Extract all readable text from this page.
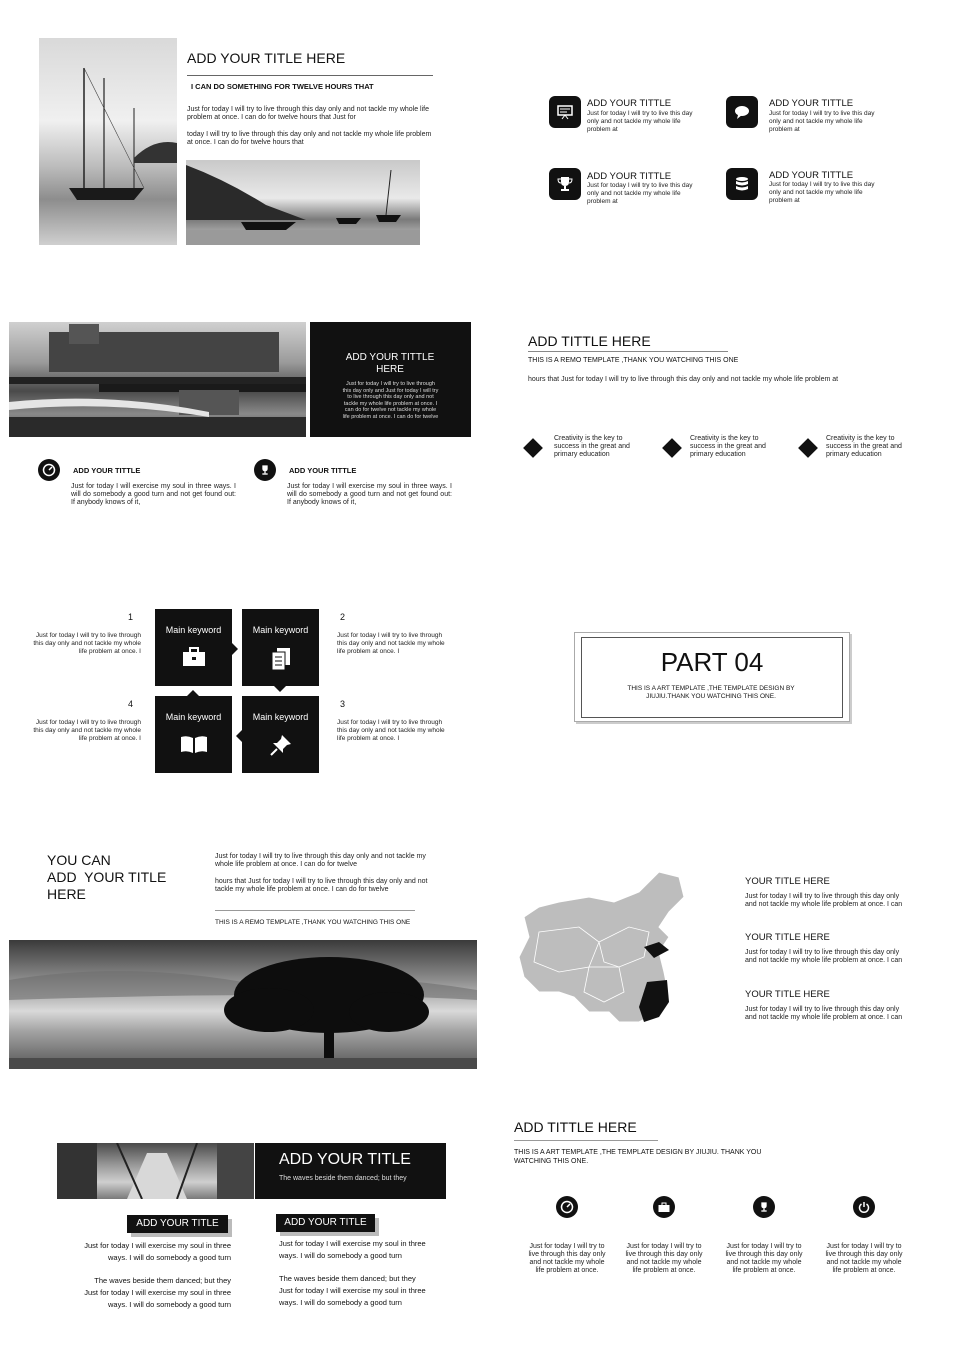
ADD YOUR TITLE HERE
I CAN DO SOMETHING FOR TWELVE HOURS THAT
Just for today I will try to live through this day only and not tackle my whole life problem at once. I can do for twelve hours that Just for
today I will try to live through this day only and not tackle my whole life problem at once. I can do for twelve hours that
ADD YOUR TITTLE
Just for today I will try to live this day only and not tackle my whole life problem at
ADD YOUR TITTLE
Just for today I will try to live this day only and not tackle my whole life problem at
ADD YOUR TITTLE
Just for today I will try to live this day only and not tackle my whole life problem at
ADD YOUR TITTLE
Just for today I will try to live this day only and not tackle my whole life problem at
ADD YOUR TITTLE HERE
Just for today I will try to live through this day only and Just for today I will try to live through this day only and not tackle my whole life problem at once. I can do for twelve not tackle my whole life problem at once. I can do for twelve
ADD YOUR TITTLE
Just for today I will exercise my soul in three ways. I will do somebody a good turn and not get found out: If anybody knows of it,
ADD YOUR TITTLE
Just for today I will exercise my soul in three ways. I will do somebody a good turn and not get found out: If anybody knows of it,
ADD TITTLE HERE
THIS IS A REMO TEMPLATE ,THANK YOU WATCHING THIS ONE
hours that Just for today I will try to live through this day only and not tackle my whole life problem at
Creativity is the key to success in the great and primary education
Creativity is the key to success in the great and primary education
Creativity is the key to success in the great and primary education
1
Just for today I will try to live through this day only and not tackle my whole life problem at once. I
2
Just for today I will try to live through this day only and not tackle my whole life problem at once. I
4
Just for today I will try to live through this day only and not tackle my whole life problem at once. I
3
Just for today I will try to live through this day only and not tackle my whole life problem at once. I
Main keyword	Main keyword
Main keyword	Main keyword
PART 04
THIS IS A ART TEMPLATE ,THE TEMPLATE DESIGN BY JIUJIU.THANK YOU WATCHING THIS ONE.
YOU CAN
ADD  YOUR TITLE
HERE
Just for today I will try to live through this day only and not tackle my whole life problem at once. I can do for twelve
hours that Just for today I will try to live through this day only and not tackle my whole life problem at once. I can do for twelve
THIS IS A REMO TEMPLATE ,THANK YOU WATCHING THIS ONE
YOUR TITLE HERE
Just for today I will try to live through this day only and not tackle my whole life problem at once. I can
YOUR TITLE HERE
Just for today I will try to live through this day only and not tackle my whole life problem at once. I can
YOUR TITLE HERE
Just for today I will try to live through this day only and not tackle my whole life problem at once. I can
ADD YOUR TITLE
The waves beside them danced; but they
ADD YOUR TITLE
Just for today I will exercise my soul in three ways. I will do somebody a good turn
The waves beside them danced; but they Just for today I will exercise my soul in three ways. I will do somebody a good turn
ADD YOUR TITLE
Just for today I will exercise my soul in three ways. I will do somebody a good turn
The waves beside them danced; but they Just for today I will exercise my soul in three ways. I will do somebody a good turn
ADD TITTLE HERE
THIS IS A ART TEMPLATE ,THE TEMPLATE DESIGN BY JIUJIU. THANK YOU WATCHING THIS ONE.
Just for today I will try to live through this day only and not tackle my whole life problem at once.
Just for today I will try to live through this day only and not tackle my whole life problem at once.
Just for today I will try to live through this day only and not tackle my whole life problem at once.
Just for today I will try to live through this day only and not tackle my whole life problem at once.
